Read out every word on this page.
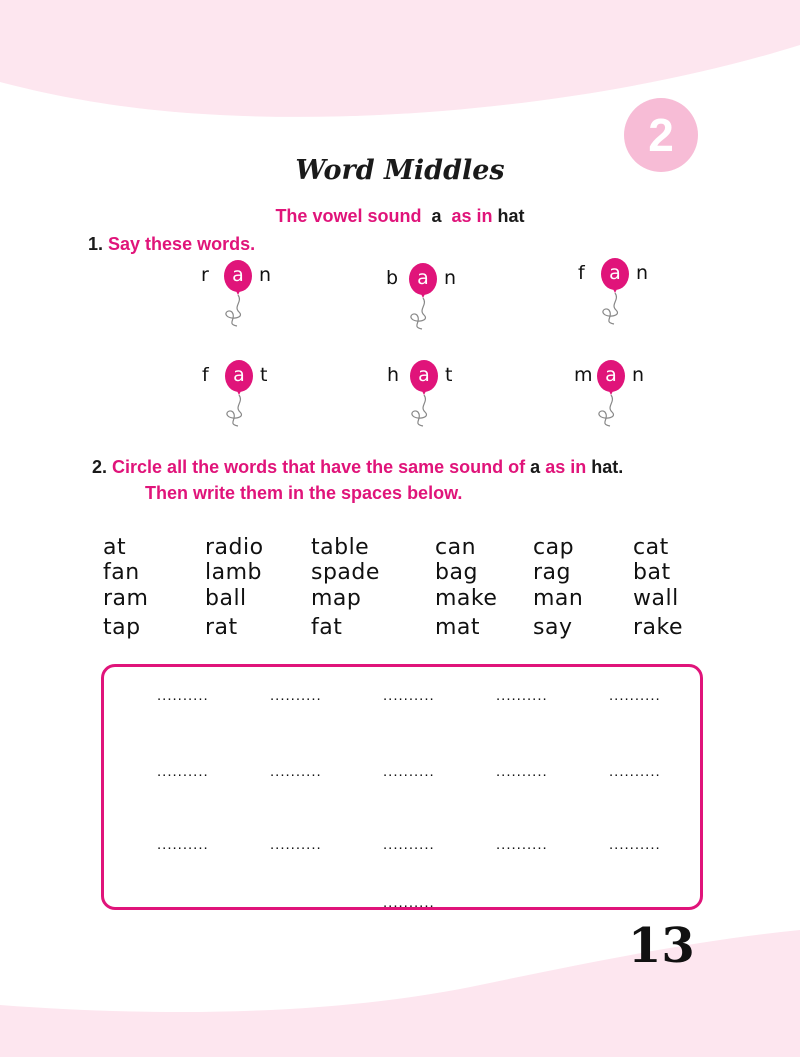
2
Word Middles
The vowel sound a as in hat
1. Say these words.
r	a n	b	a n	f	a n
f	a t	h	a t	m a n
2. Circle all the words that have the same sound of a as in hat.
Then write them in the spaces below.
at	radio table	can	cap	cat
fan	lamb spade	bag	rag	bat
ram	ball	map	make man wall
tap	rat	fat	mat say	rake
..........	..........	..........	..........	..........
..........	..........	..........	..........	..........
..........	..........	..........	..........	..........
..........
13
